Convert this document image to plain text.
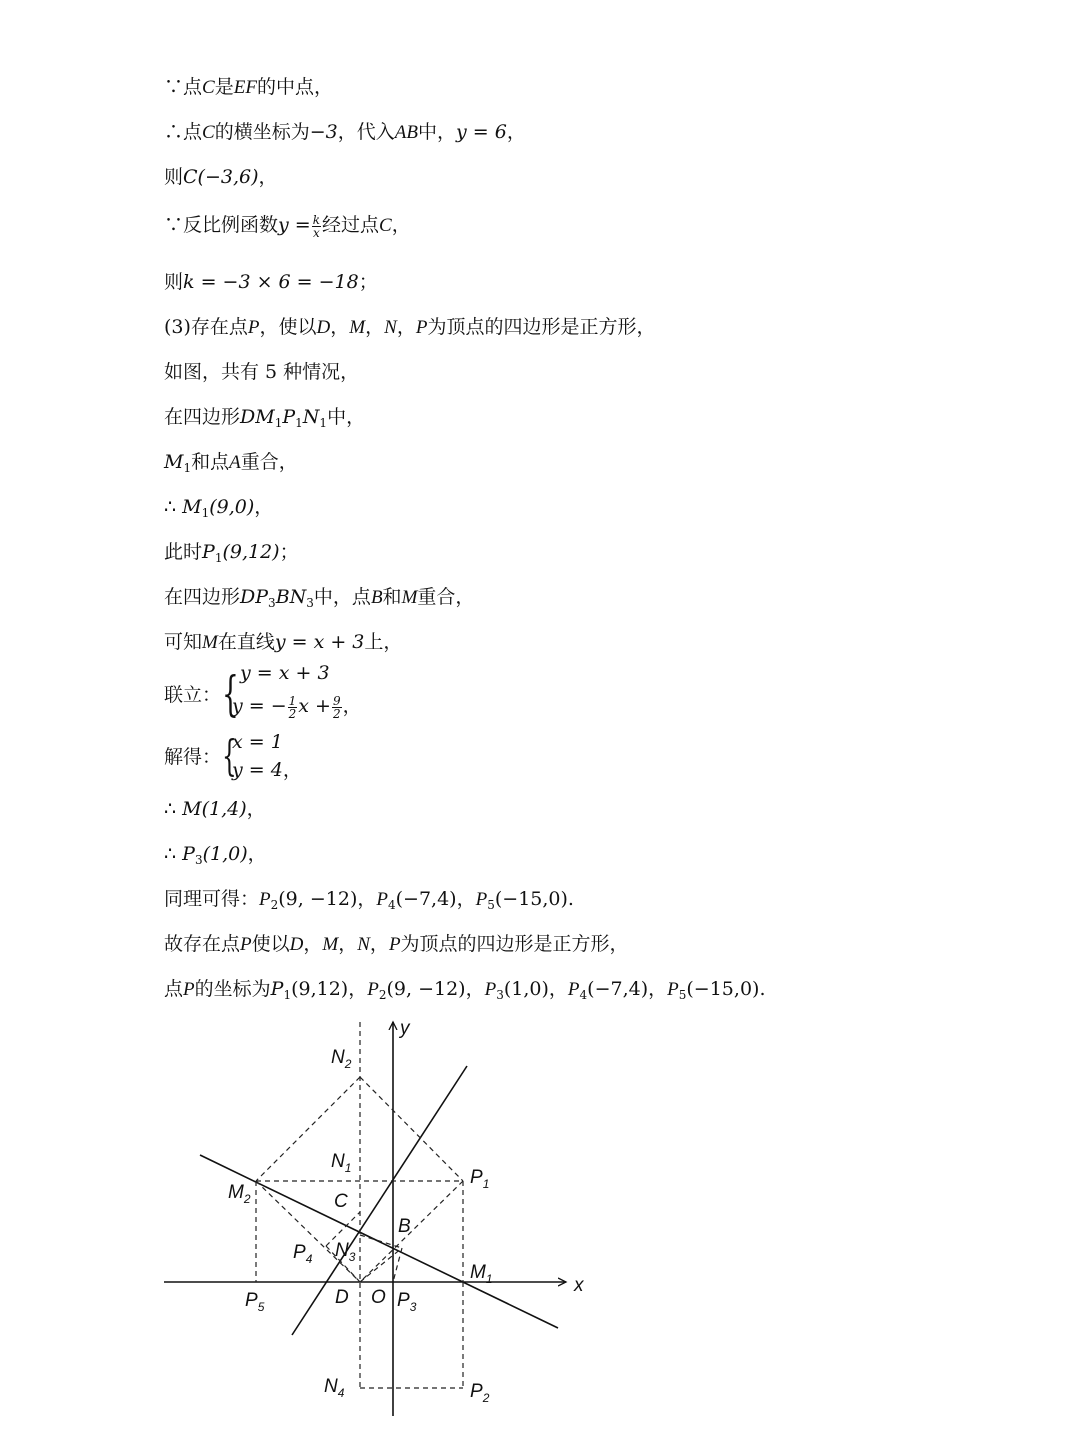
∵点C是EF的中点，
∴点C的横坐标为−3，代入AB中，y = 6，
则C(−3,6)，
∵反比例函数$y = \frac{k}{x}$ 经过点C，
则k = −3 × 6 = −18；
(3)存在点P，使以D，M，N，P为顶点的四边形是正方形，
如图，共有 5 种情况，
在四边形$DM_1P_1N_1$中，
$M_1$和点A重合，
∴ $M_1(9,0)$，
此时$P_1(9,12)$；
在四边形$DP_3BN_3$中，点B和M重合，
可知M在直线y = x + 3上，
联立： { y = x + 3
y = − $\frac{1}{2}$ $x + \frac{9}{2}$ ，
解得： {
x = 1
y = 4，
∴ M(1,4)，
∴ $P_3(1,0)$，
同理可得：$P_2(9$, −12)，$P_4(-7,4)$，$P_5(-15,0)$.
故存在点P使以D，M，N，P为顶点的四边形是正方形，
点P的坐标为$P_1(9,12)$，$P_2(9$, −12)，$P_3(1,0)$，$P_4(-7,4)$，$P_5(-15,0)$.
y
x
$N_2$
$N_1$	$P_1$
$M_2$	C
B
$P_4$ $N_3$
$M_1$
$P_5$	D O $P_3$
$N_4$	$P_2$
